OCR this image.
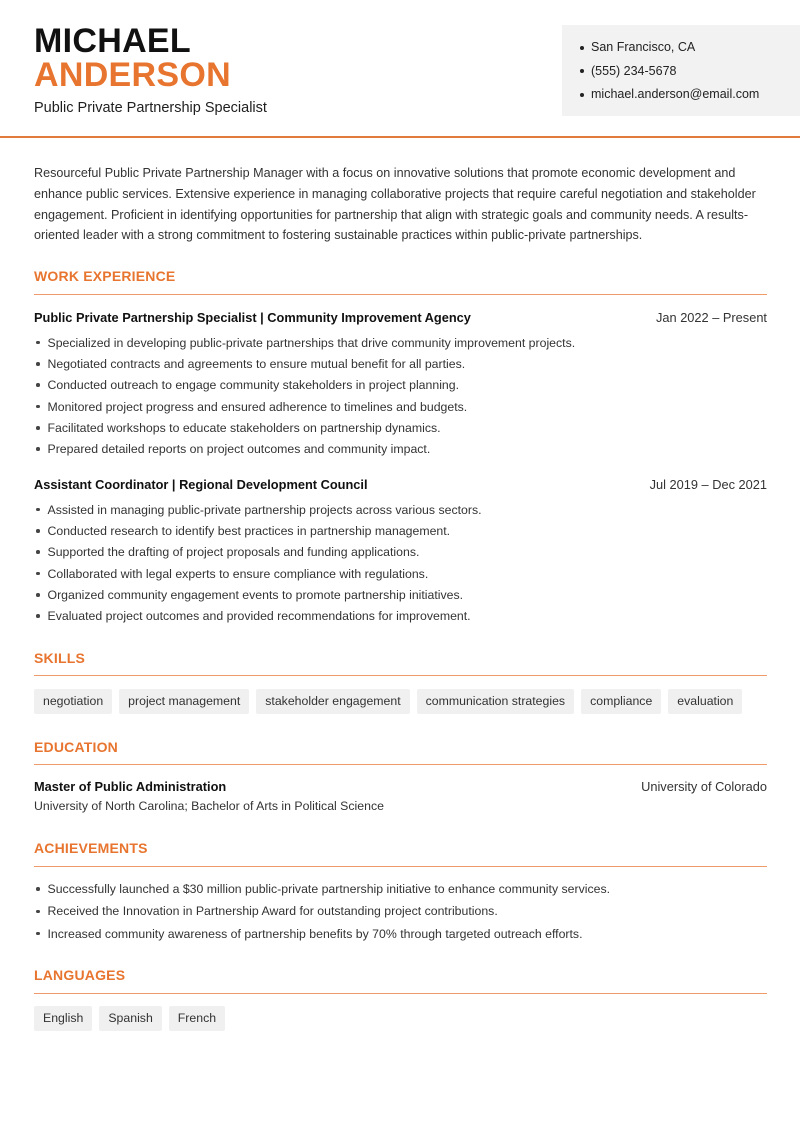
MICHAEL
ANDERSON
Public Private Partnership Specialist
San Francisco, CA
(555) 234-5678
michael.anderson@email.com

Resourceful Public Private Partnership Manager with a focus on innovative solutions that promote economic development and enhance public services. Extensive experience in managing collaborative projects that require careful negotiation and stakeholder engagement. Proficient in identifying opportunities for partnership that align with strategic goals and community needs. A results-oriented leader with a strong commitment to fostering sustainable practices within public-private partnerships.

WORK EXPERIENCE
Public Private Partnership Specialist | Community Improvement Agency	Jan 2022 – Present
Specialized in developing public-private partnerships that drive community improvement projects.
Negotiated contracts and agreements to ensure mutual benefit for all parties.
Conducted outreach to engage community stakeholders in project planning.
Monitored project progress and ensured adherence to timelines and budgets.
Facilitated workshops to educate stakeholders on partnership dynamics.
Prepared detailed reports on project outcomes and community impact.
Assistant Coordinator | Regional Development Council	Jul 2019 – Dec 2021
Assisted in managing public-private partnership projects across various sectors.
Conducted research to identify best practices in partnership management.
Supported the drafting of project proposals and funding applications.
Collaborated with legal experts to ensure compliance with regulations.
Organized community engagement events to promote partnership initiatives.
Evaluated project outcomes and provided recommendations for improvement.
SKILLS
negotiation	project management	stakeholder engagement	communication strategies	compliance	evaluation
EDUCATION
Master of Public Administration	University of Colorado
University of North Carolina; Bachelor of Arts in Political Science
ACHIEVEMENTS
Successfully launched a $30 million public-private partnership initiative to enhance community services.
Received the Innovation in Partnership Award for outstanding project contributions.
Increased community awareness of partnership benefits by 70% through targeted outreach efforts.
LANGUAGES
English	Spanish	French
